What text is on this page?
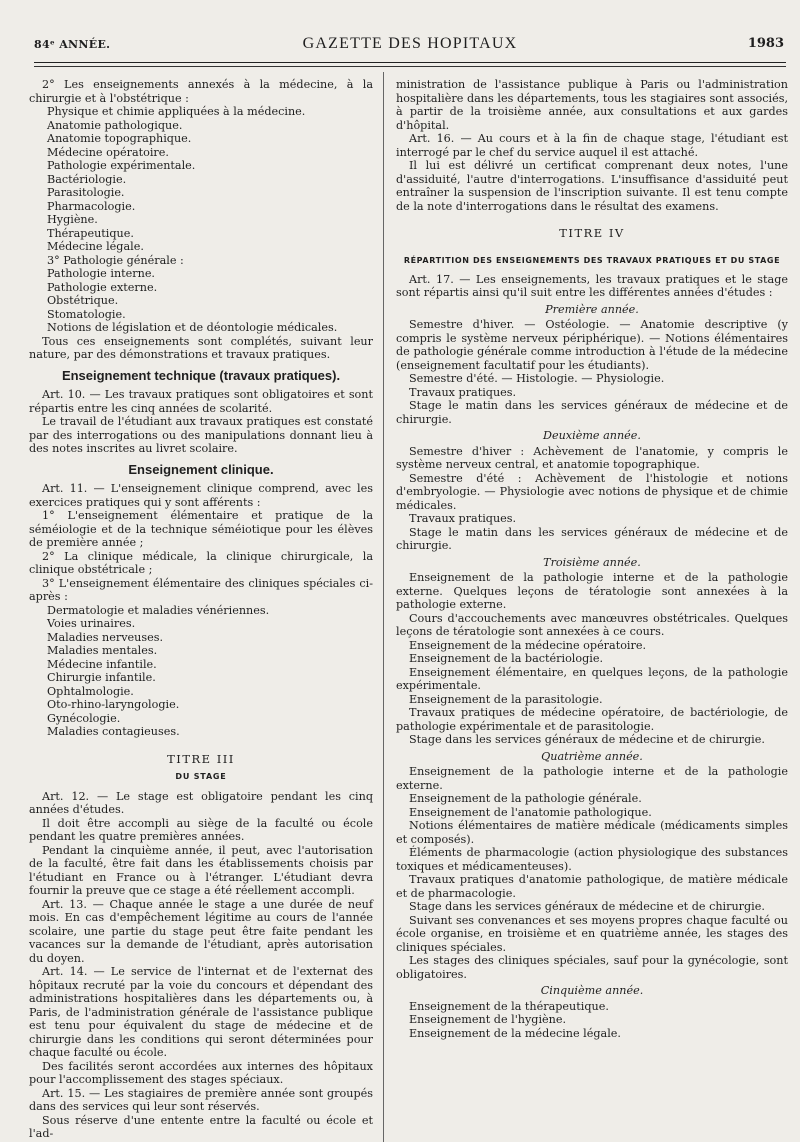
84ᵉ ANNÉE.	GAZETTE DES HOPITAUX	1983

2° Les enseignements annexés à la médecine, à la chirurgie et à l'obstétrique :

Physique et chimie appliquées à la médecine.

Anatomie pathologique.

Anatomie topographique.

Médecine opératoire.

Pathologie expérimentale.

Bactériologie.

Parasitologie.

Pharmacologie.

Hygiène.

Thérapeutique.

Médecine légale.

3° Pathologie générale :

Pathologie interne.

Pathologie externe.

Obstétrique.

Stomatologie.

Notions de législation et de déontologie médicales.

Tous ces enseignements sont complétés, suivant leur nature, par des démonstrations et travaux pratiques.

Enseignement technique (travaux pratiques).

Art. 10. — Les travaux pratiques sont obligatoires et sont répartis entre les cinq années de scolarité.

Le travail de l'étudiant aux travaux pratiques est constaté par des interrogations ou des manipulations donnant lieu à des notes inscrites au livret scolaire.

Enseignement clinique.

Art. 11. — L'enseignement clinique comprend, avec les exercices pratiques qui y sont afférents :

1° L'enseignement élémentaire et pratique de la séméiologie et de la technique séméiotique pour les élèves de première année ;

2° La clinique médicale, la clinique chirurgicale, la clinique obstétricale ;

3° L'enseignement élémentaire des cliniques spéciales ci-après :

Dermatologie et maladies vénériennes.

Voies urinaires.

Maladies nerveuses.

Maladies mentales.

Médecine infantile.

Chirurgie infantile.

Ophtalmologie.

Oto-rhino-laryngologie.

Gynécologie.

Maladies contagieuses.

TITRE III

DU STAGE

Art. 12. — Le stage est obligatoire pendant les cinq années d'études.

Il doit être accompli au siège de la faculté ou école pendant les quatre premières années.

Pendant la cinquième année, il peut, avec l'autorisation de la faculté, être fait dans les établissements choisis par l'étudiant en France ou à l'étranger. L'étudiant devra fournir la preuve que ce stage a été réellement accompli.

Art. 13. — Chaque année le stage a une durée de neuf mois. En cas d'empêchement légitime au cours de l'année scolaire, une partie du stage peut être faite pendant les vacances sur la demande de l'étudiant, après autorisation du doyen.

Art. 14. — Le service de l'internat et de l'externat des hôpitaux recruté par la voie du concours et dépendant des administrations hospitalières dans les départements ou, à Paris, de l'administration générale de l'assistance publique est tenu pour équivalent du stage de médecine et de chirurgie dans les conditions qui seront déterminées pour chaque faculté ou école.

Des facilités seront accordées aux internes des hôpitaux pour l'accomplissement des stages spéciaux.

Art. 15. — Les stagiaires de première année sont groupés dans des services qui leur sont réservés.

Sous réserve d'une entente entre la faculté ou école et l'ad-

ministration de l'assistance publique à Paris ou l'administration hospitalière dans les départements, tous les stagiaires sont associés, à partir de la troisième année, aux consultations et aux gardes d'hôpital.

Art. 16. — Au cours et à la fin de chaque stage, l'étudiant est interrogé par le chef du service auquel il est attaché.

Il lui est délivré un certificat comprenant deux notes, l'une d'assiduité, l'autre d'interrogations. L'insuffisance d'assiduité peut entraîner la suspension de l'inscription suivante. Il est tenu compte de la note d'interrogations dans le résultat des examens.

TITRE IV

RÉPARTITION DES ENSEIGNEMENTS DES TRAVAUX PRATIQUES ET DU STAGE

Art. 17. — Les enseignements, les travaux pratiques et le stage sont répartis ainsi qu'il suit entre les différentes années d'études :

Première année.

Semestre d'hiver. — Ostéologie. — Anatomie descriptive (y compris le système nerveux périphérique). — Notions élémentaires de pathologie générale comme introduction à l'étude de la médecine (enseignement facultatif pour les étudiants).

Semestre d'été. — Histologie. — Physiologie.

Travaux pratiques.

Stage le matin dans les services généraux de médecine et de chirurgie.

Deuxième année.

Semestre d'hiver : Achèvement de l'anatomie, y compris le système nerveux central, et anatomie topographique.

Semestre d'été : Achèvement de l'histologie et notions d'embryologie. — Physiologie avec notions de physique et de chimie médicales.

Travaux pratiques.

Stage le matin dans les services généraux de médecine et de chirurgie.

Troisième année.

Enseignement de la pathologie interne et de la pathologie externe. Quelques leçons de tératologie sont annexées à la pathologie externe.

Cours d'accouchements avec manœuvres obstétricales. Quelques leçons de tératologie sont annexées à ce cours.

Enseignement de la médecine opératoire.

Enseignement de la bactériologie.

Enseignement élémentaire, en quelques leçons, de la pathologie expérimentale.

Enseignement de la parasitologie.

Travaux pratiques de médecine opératoire, de bactériologie, de pathologie expérimentale et de parasitologie.

Stage dans les services généraux de médecine et de chirurgie.

Quatrième année.

Enseignement de la pathologie interne et de la pathologie externe.

Enseignement de la pathologie générale.

Enseignement de l'anatomie pathologique.

Notions élémentaires de matière médicale (médicaments simples et composés).

Éléments de pharmacologie (action physiologique des substances toxiques et médicamenteuses).

Travaux pratiques d'anatomie pathologique, de matière médicale et de pharmacologie.

Stage dans les services généraux de médecine et de chirurgie.

Suivant ses convenances et ses moyens propres chaque faculté ou école organise, en troisième et en quatrième année, les stages des cliniques spéciales.

Les stages des cliniques spéciales, sauf pour la gynécologie, sont obligatoires.

Cinquième année.

Enseignement de la thérapeutique.

Enseignement de l'hygiène.

Enseignement de la médecine légale.
